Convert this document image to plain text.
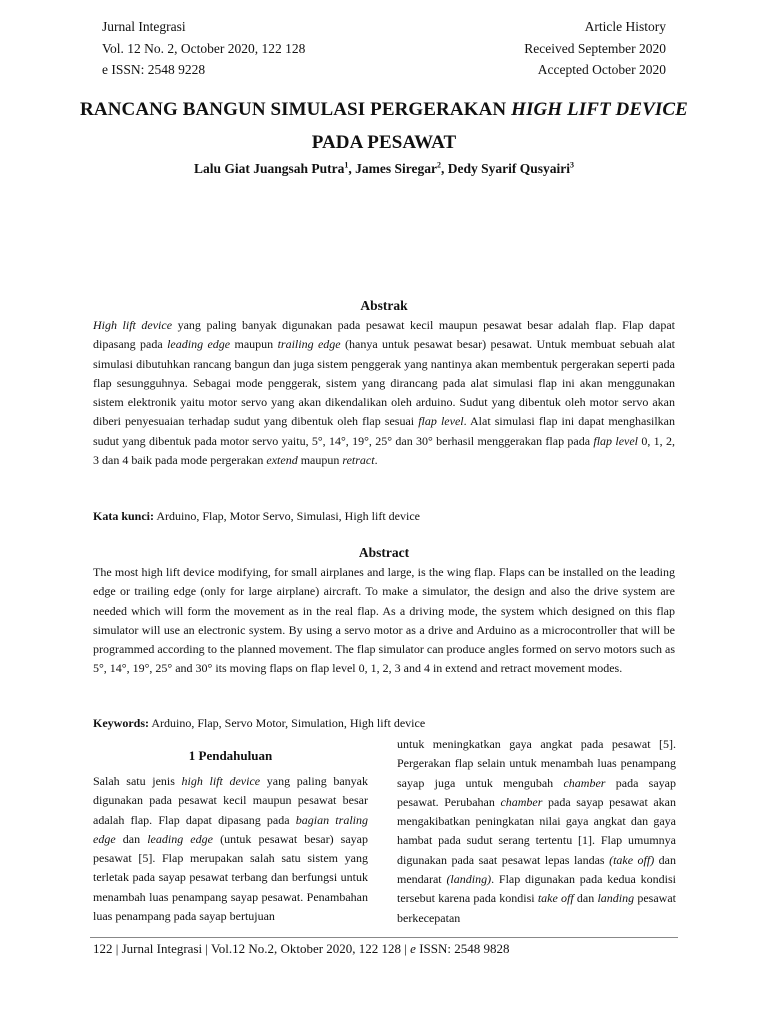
Jurnal Integrasi
Vol. 12 No. 2, October 2020, 122 128
e ISSN: 2548 9228
Article History
Received September 2020
Accepted October 2020
RANCANG BANGUN SIMULASI PERGERAKAN HIGH LIFT DEVICE PADA PESAWAT
Lalu Giat Juangsah Putra$^1$, James Siregar$^2$, Dedy Syarif Qusyairi$^3$
Abstrak
High lift device yang paling banyak digunakan pada pesawat kecil maupun pesawat besar adalah flap. Flap dapat dipasang pada leading edge maupun trailing edge (hanya untuk pesawat besar) pesawat. Untuk membuat sebuah alat simulasi dibutuhkan rancang bangun dan juga sistem penggerak yang nantinya akan membentuk pergerakan seperti pada flap sesungguhnya. Sebagai mode penggerak, sistem yang dirancang pada alat simulasi flap ini akan menggunakan sistem elektronik yaitu motor servo yang akan dikendalikan oleh arduino. Sudut yang dibentuk oleh motor servo akan diberi penyesuaian terhadap sudut yang dibentuk oleh flap sesuai flap level. Alat simulasi flap ini dapat menghasilkan sudut yang dibentuk pada motor servo yaitu, 5°, 14°, 19°, 25° dan 30° berhasil menggerakan flap pada flap level 0, 1, 2, 3 dan 4 baik pada mode pergerakan extend maupun retract.
Kata kunci: Arduino, Flap, Motor Servo, Simulasi, High lift device
Abstract
The most high lift device modifying, for small airplanes and large, is the wing flap. Flaps can be installed on the leading edge or trailing edge (only for large airplane) aircraft. To make a simulator, the design and also the drive system are needed which will form the movement as in the real flap. As a driving mode, the system which designed on this flap simulator will use an electronic system. By using a servo motor as a drive and Arduino as a microcontroller that will be programmed according to the planned movement. The flap simulator can produce angles formed on servo motors such as 5°, 14°, 19°, 25° and 30° its moving flaps on flap level 0, 1, 2, 3 and 4 in extend and retract movement modes.
Keywords: Arduino, Flap, Servo Motor, Simulation, High lift device
1 Pendahuluan
Salah satu jenis high lift device yang paling banyak digunakan pada pesawat kecil maupun pesawat besar adalah flap. Flap dapat dipasang pada bagian traling edge dan leading edge (untuk pesawat besar) sayap pesawat [5]. Flap merupakan salah satu sistem yang terletak pada sayap pesawat terbang dan berfungsi untuk menambah luas penampang sayap pesawat. Penambahan luas penampang pada sayap bertujuan
untuk meningkatkan gaya angkat pada pesawat [5]. Pergerakan flap selain untuk menambah luas penampang sayap juga untuk mengubah chamber pada sayap pesawat. Perubahan chamber pada sayap pesawat akan mengakibatkan peningkatan nilai gaya angkat dan gaya hambat pada sudut serang tertentu [1]. Flap umumnya digunakan pada saat pesawat lepas landas (take off) dan mendarat (landing). Flap digunakan pada kedua kondisi tersebut karena pada kondisi take off dan landing pesawat berkecepatan
122 | Jurnal Integrasi | Vol.12 No.2, Oktober 2020, 122 128 | e ISSN: 2548 9828
